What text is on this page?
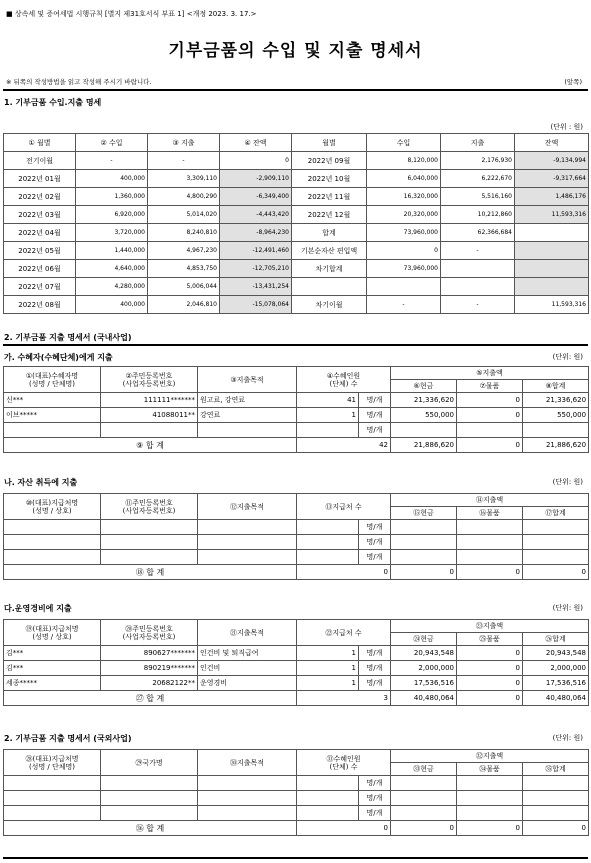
■ 상속세 및 증여세법 시행규칙 [별지 제31호서식 부표 1] <개정 2023. 3. 17.>
기부금품의 수입 및 지출 명세서
※ 뒤쪽의 작성방법을 읽고 작성해 주시기 바랍니다.	(앞쪽)
1. 기부금품 수입.지출 명세
(단위 : 원)
① 월별	② 수입	③ 지출	④ 잔액	월별	수입	지출	잔액
전기이월	-	-	0	2022년 09월	8,120,000	2,176,930	-9,134,994
2022년 01월	400,000	3,309,110	-2,909,110	2022년 10월	6,040,000	6,222,670	-9,317,664
2022년 02월	1,360,000	4,800,290	-6,349,400	2022년 11월	16,320,000	5,516,160	1,486,176
2022년 03월	6,920,000	5,014,020	-4,443,420	2022년 12월	20,320,000	10,212,860	11,593,316
2022년 04월	3,720,000	8,240,810	-8,964,230	합계	73,960,000	62,366,684	
2022년 05월	1,440,000	4,967,230	-12,491,460	기본순자산 편입액	0	-	
2022년 06월	4,640,000	4,853,750	-12,705,210	차기합계	73,960,000		
2022년 07월	4,280,000	5,006,044	-13,431,254				
2022년 08월	400,000	2,046,810	-15,078,064	차기이월	-	-	11,593,316
2. 기부금품 지출 명세서 (국내사업)
가. 수혜자(수혜단체)에게 지출	(단위: 원)
①(대표)수혜자명
(성명 / 단체명)	②주민등록번호
(사업자등록번호)	③지출목적	④수혜인원
(단체) 수		⑤지출액		
					⑥현금	⑦물품	⑧합계
신***	111111*******	원고료, 강연료	41	명/개	21,336,620	0	21,336,620
이브*****	41088011**	강연료	1	명/개	550,000	0	550,000
				명/개			
⑨ 합 계			42		21,886,620	0	21,886,620
나. 자산 취득에 지출	(단위: 원)
⑩(대표)지급처명
(성명 / 상호)	⑪주민등록번호
(사업자등록번호)	⑫지출목적	⑬지급처 수		⑭지출액		
					⑮현금	⑯물품	⑰합계
				명/개			
				명/개			
				명/개			
⑱ 합 계			0		0	0	0
다.운영경비에 지출	(단위: 원)
⑲(대표)지급처명
(성명 / 상호)	⑳주민등록번호
(사업자등록번호)	㉑지출목적	㉒지급처 수		㉓지출액		
					㉔현금	㉕물품	㉖합계
김***	890627*******	인건비 및 퇴직급여	1	명/개	20,943,548	0	20,943,548
김***	890219*******	인건비	1	명/개	2,000,000	0	2,000,000
세종*****	20682122**	운영경비	1	명/개	17,536,516	0	17,536,516
㉗ 합 계			3		40,480,064	0	40,480,064
2. 기부금품 지출 명세서 (국외사업)	(단위: 원)
㉘(대표)지급처명
(성명 / 단체명)	㉙국가명	㉚지출목적	㉛수혜인원
(단체) 수		㉜지출액		
					㉝현금	㉞물품	㉟합계
				명/개			
				명/개			
				명/개			
㊱ 합 계			0		0	0	0
